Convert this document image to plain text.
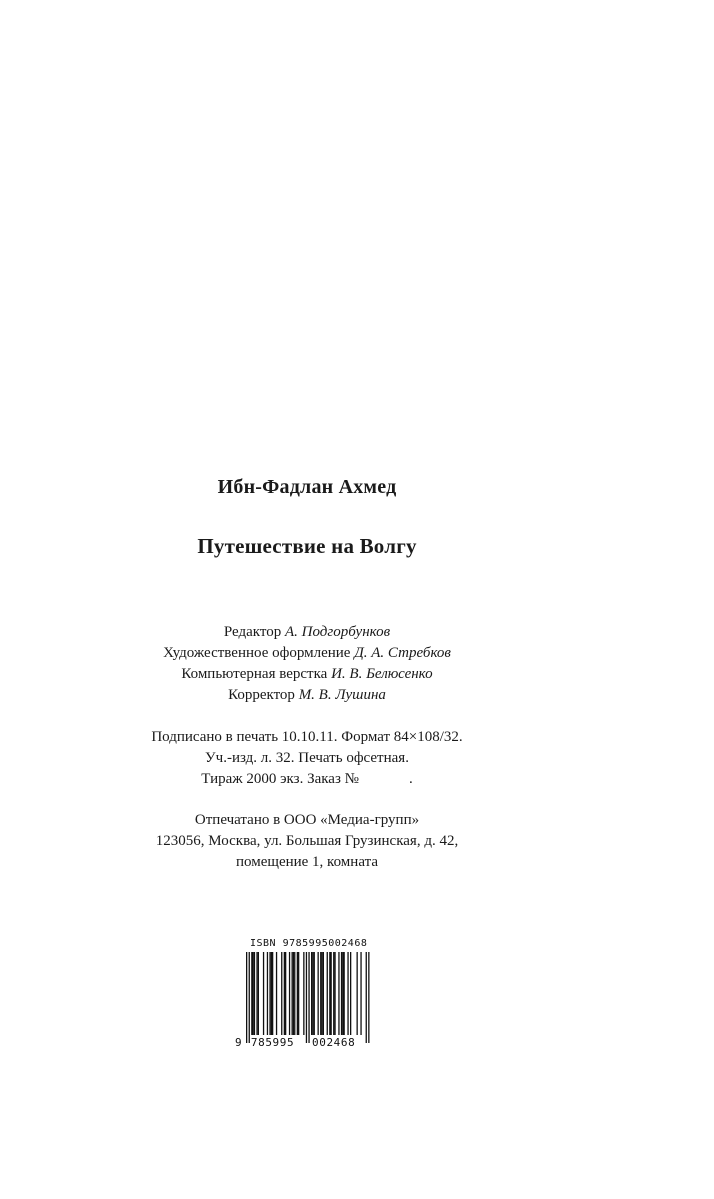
Ибн-Фадлан Ахмед
Путешествие на Волгу
Редактор А. Подгорбунков
Художественное оформление Д. А. Стребков
Компьютерная верстка И. В. Белюсенко
Корректор М. В. Лушина
Подписано в печать 10.10.11. Формат 84×108/32.
Уч.-изд. л. 32. Печать офсетная.
Тираж 2000 экз. Заказ №	.
Отпечатано в ООО «Медиа-групп»
123056, Москва, ул. Большая Грузинская, д. 42,
помещение 1, комната
ISBN 9785995002468
9 785995 002468
